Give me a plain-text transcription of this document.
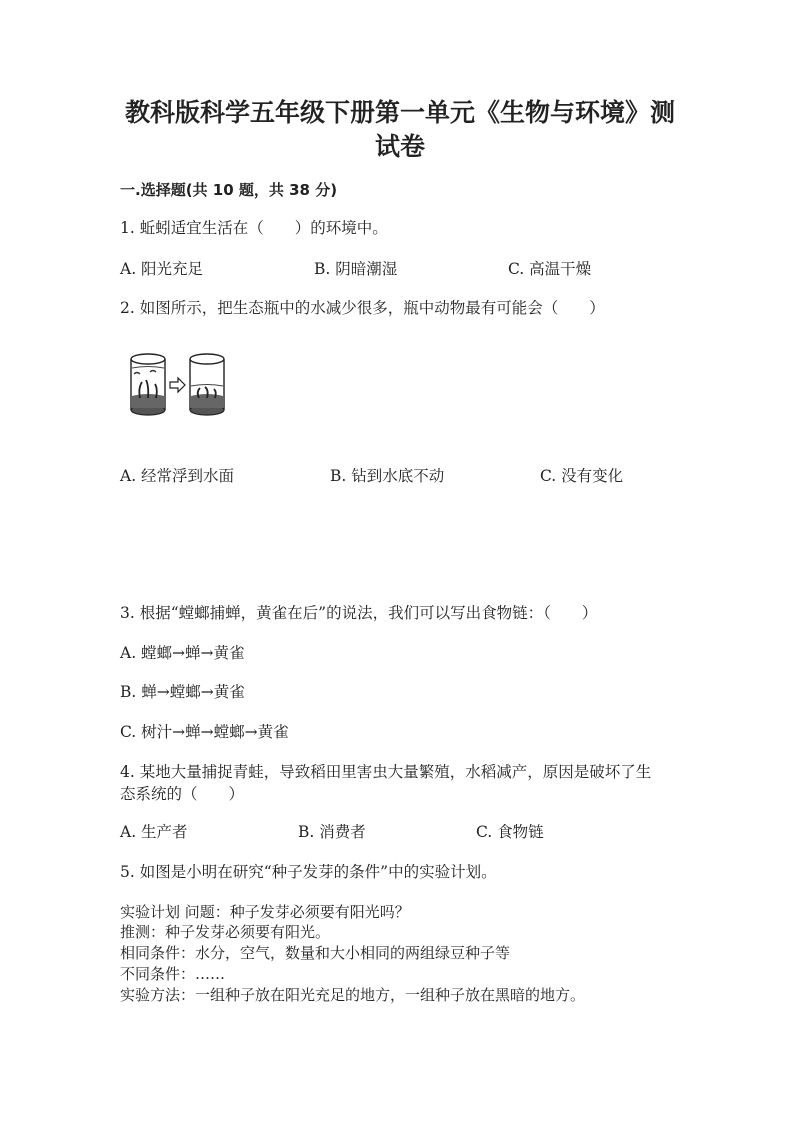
教科版科学五年级下册第一单元《生物与环境》测
试卷
一.选择题(共 10 题，共 38 分)
1. 蚯蚓适宜生活在（　　）的环境中。
A. 阳光充足	B. 阴暗潮湿	C. 高温干燥
2. 如图所示，把生态瓶中的水减少很多，瓶中动物最有可能会（　　）
A. 经常浮到水面	B. 钻到水底不动	C. 没有变化
3. 根据“螳螂捕蝉，黄雀在后”的说法，我们可以写出食物链：（　　）
A. 螳螂→蝉→黄雀
B. 蝉→螳螂→黄雀
C. 树汁→蝉→螳螂→黄雀
4. 某地大量捕捉青蛙，导致稻田里害虫大量繁殖，水稻减产，原因是破坏了生
态系统的（　　）
A. 生产者	B. 消费者	C. 食物链
5. 如图是小明在研究“种子发芽的条件”中的实验计划。
实验计划 问题：种子发芽必须要有阳光吗？
推测：种子发芽必须要有阳光。
相同条件：水分，空气，数量和大小相同的两组绿豆种子等
不同条件：……
实验方法：一组种子放在阳光充足的地方，一组种子放在黑暗的地方。
